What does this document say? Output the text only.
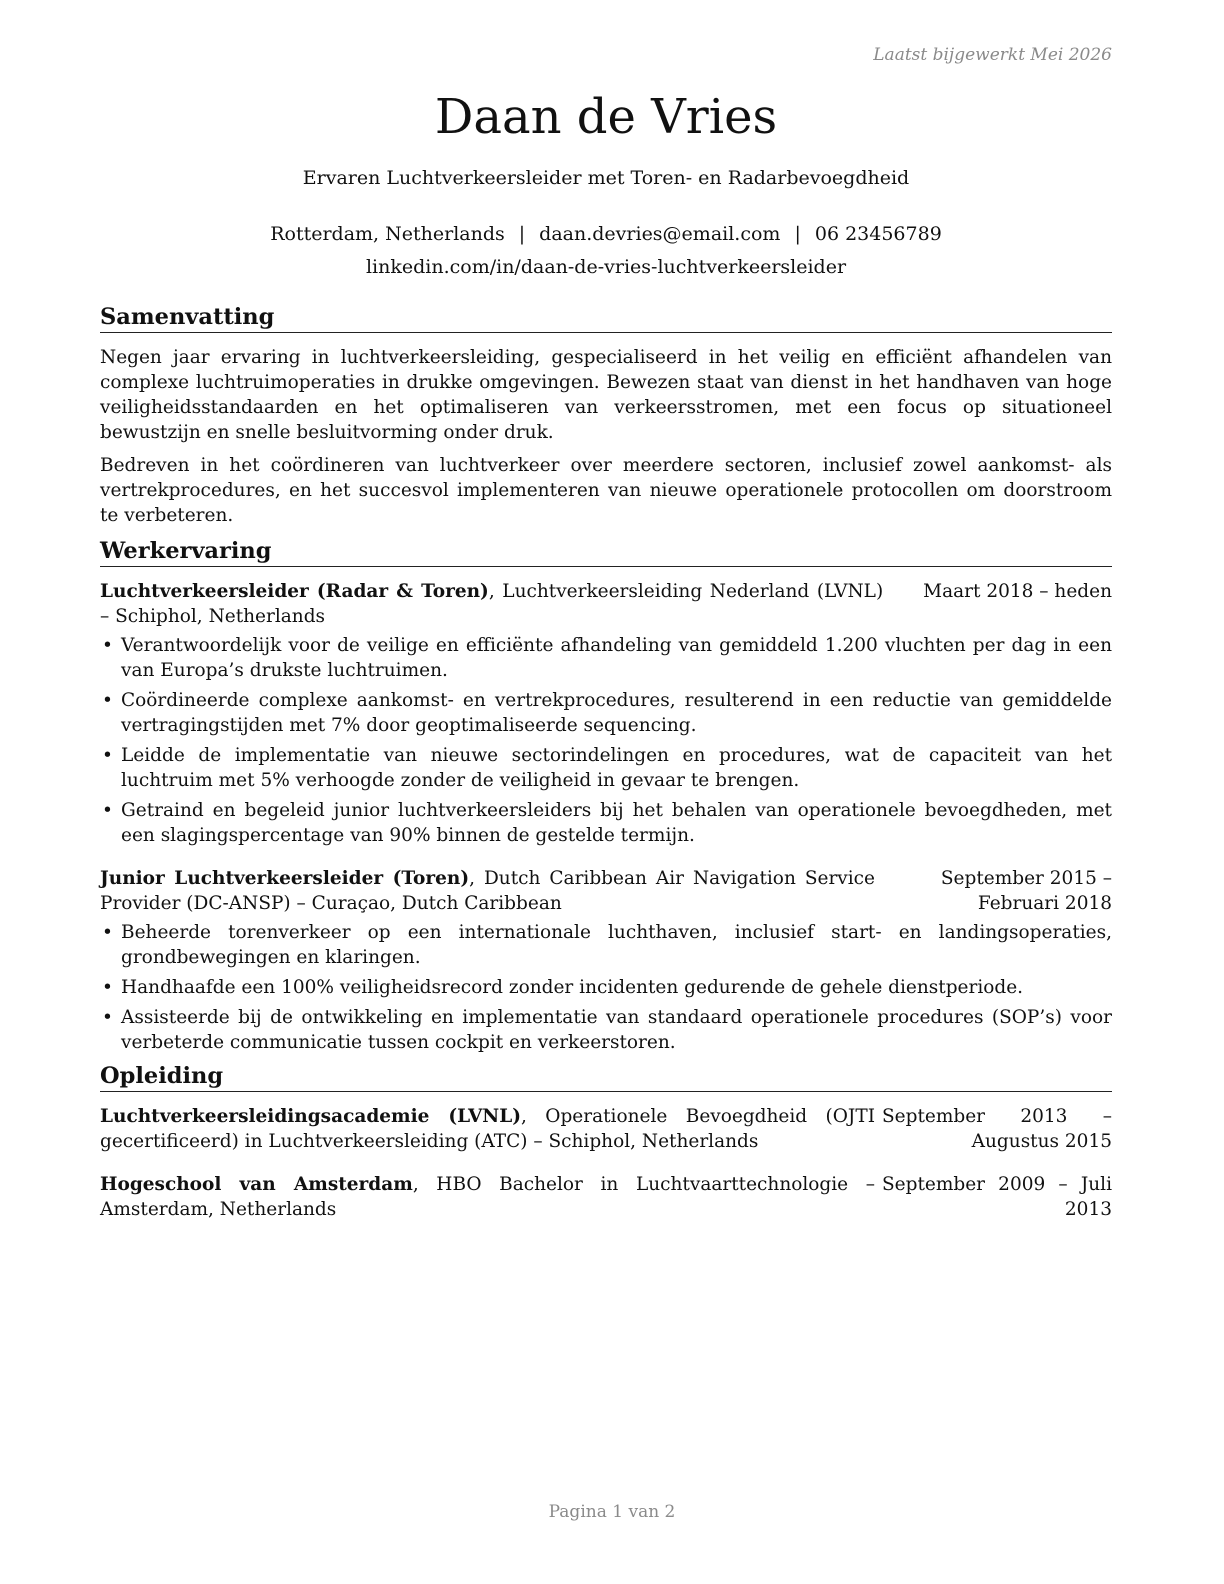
Laatst bijgewerkt Mei 2026
Daan de Vries
Ervaren Luchtverkeersleider met Toren- en Radarbevoegdheid
Rotterdam, Netherlands | daan.devries@email.com | 06 23456789
linkedin.com/in/daan-de-vries-luchtverkeersleider
Samenvatting

Negen jaar ervaring in luchtverkeersleiding, gespecialiseerd in het veilig en efficiënt afhandelen van complexe luchtruimoperaties in drukke omgevingen. Bewezen staat van dienst in het handhaven van hoge veiligheidsstandaarden en het optimaliseren van verkeersstromen, met een focus op situationeel bewustzijn en snelle besluitvorming onder druk.

Bedreven in het coördineren van luchtverkeer over meerdere sectoren, inclusief zowel aankomst- als vertrekprocedures, en het succesvol implementeren van nieuwe operationele protocollen om doorstroom te verbeteren.

Werkervaring
Luchtverkeersleider (Radar & Toren), Luchtverkeersleiding Nederland (LVNL) – Schiphol, Netherlands
Maart 2018 – heden
• Verantwoordelijk voor de veilige en efficiënte afhandeling van gemiddeld 1.200 vluchten per dag in een van Europa’s drukste luchtruimen.
• Coördineerde complexe aankomst- en vertrekprocedures, resulterend in een reductie van gemiddelde vertragingstijden met 7% door geoptimaliseerde sequencing.
• Leidde de implementatie van nieuwe sectorindelingen en procedures, wat de capaciteit van het luchtruim met 5% verhoogde zonder de veiligheid in gevaar te brengen.
• Getraind en begeleid junior luchtverkeersleiders bij het behalen van operationele bevoegdheden, met een slagingspercentage van 90% binnen de gestelde termijn.
Junior Luchtverkeersleider (Toren), Dutch Caribbean Air Navigation Service Provider (DC-ANSP) – Curaçao, Dutch Caribbean
September 2015 – Februari 2018
• Beheerde torenverkeer op een internationale luchthaven, inclusief start- en landingsoperaties, grondbewegingen en klaringen.
• Handhaafde een 100% veiligheidsrecord zonder incidenten gedurende de gehele dienstperiode.
• Assisteerde bij de ontwikkeling en implementatie van standaard operationele procedures (SOP’s) voor verbeterde communicatie tussen cockpit en verkeerstoren.
Opleiding
Luchtverkeersleidingsacademie (LVNL), Operationele Bevoegdheid (OJTI gecertificeerd) in Luchtverkeersleiding (ATC) – Schiphol, Netherlands
September 2013 – Augustus 2015
Hogeschool van Amsterdam, HBO Bachelor in Luchtvaarttechnologie – Amsterdam, Netherlands
September 2009 – Juli 2013
Pagina 1 van 2
